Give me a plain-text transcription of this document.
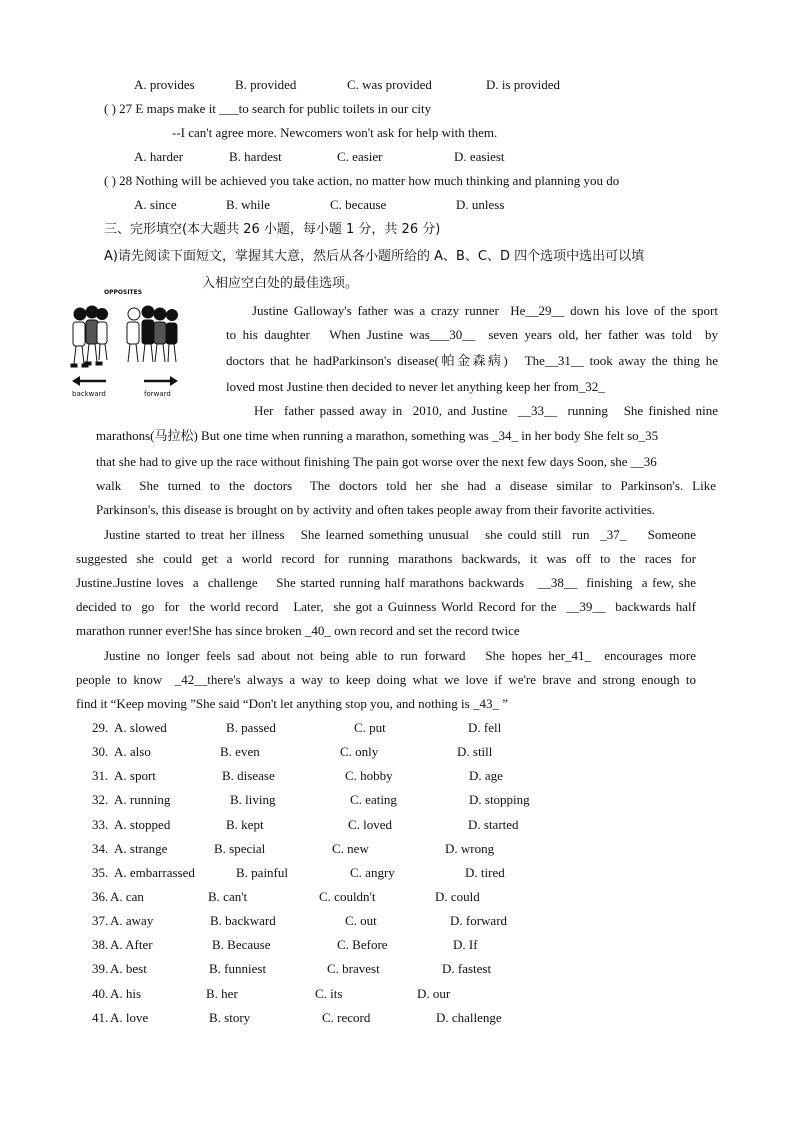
A. provides	B. provided	C. was provided	D. is provided
( ) 27 E maps make it ___to search for public toilets in our city
--I can't agree more. Newcomers won't ask for help with them.
A. harder	B. hardest	C. easier	D. easiest
( ) 28 Nothing will be achieved you take action, no matter how much thinking and planning you do
A. since	B. while	C. because	D. unless
三、完形填空(本大题共 26 小题，每小题 1 分，共 26 分)
A)请先阅读下面短文，掌握其大意，然后从各小题所给的 A、B、C、D 四个选项中选出可以填
入相应空白处的最佳选项。
OPPOSITES
backward	forward
Justine Galloway's father was a crazy runner  He__29__ down his love of the sport
to his daughter   When Justine was___30__  seven years old, her father was told  by
doctors that he hadParkinson's disease(帕金森病)   The__31__ took away the thing he
loved most Justine then decided to never let anything keep her from_32_
Her  father passed away in  2010, and Justine  __33__  running   She finished nine
marathons(马拉松) But one time when running a marathon, something was _34_ in her body She felt so_35
that she had to give up the race without finishing The pain got worse over the next few days Soon, she __36
walk    She  turned  to  the  doctors    The  doctors  told  her  she  had  a  disease  similar  to  Parkinson's.  Like
Parkinson's, this disease is brought on by activity and often takes people away from their favorite activities.
Justine started to treat her illness   She learned something unusual   she could still  run  _37_    Someone
suggested  she  could  get  a  world  record  for  running  marathons  backwards,  it  was  off  to  the  races  for
Justine.Justine loves  a  challenge    She started running half marathons backwards   __38__  finishing  a few, she
decided to  go  for  the world record   Later,  she got a Guinness World Record for the  __39__  backwards half
marathon runner ever!She has since broken _40_ own record and set the record twice
Justine no longer feels sad about not being able to run forward   She hopes her_41_  encourages more
people to know  _42__there's always a way to keep doing what we love if we're brave and strong enough to
find it “Keep moving ”She said “Don't let anything stop you, and nothing is _43_ ”
29. A. slowed	B. passed	C. put	D. fell
30. A. also	B. even	C. only	D. still
31. A. sport	B. disease	C. hobby	D. age
32. A. running	B. living	C. eating	D. stopping
33. A. stopped	B. kept	C. loved	D. started
34. A. strange	B. special	C. new	D. wrong
35. A. embarrassed	B. painful	C. angry	D. tired
36. A. can	B. can't	C. couldn't	D. could
37. A. away	B. backward	C. out	D. forward
38. A. After	B. Because	C. Before	D. If
39. A. best	B. funniest	C. bravest	D. fastest
40. A. his	B. her	C. its	D. our
41. A. love	B. story	C. record	D. challenge
